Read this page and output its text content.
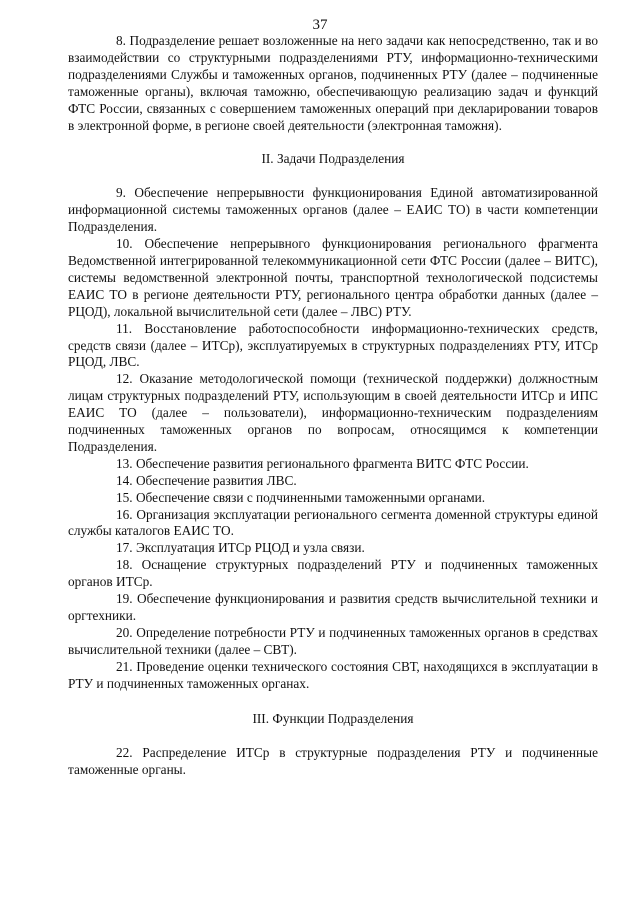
37

8. Подразделение решает возложенные на него задачи как непосредственно, так и во взаимодействии со структурными подразделениями РТУ, информационно-техническими подразделениями Службы и таможенных органов, подчиненных РТУ (далее – подчиненные таможенные органы), включая таможню, обеспечивающую реализацию задач и функций ФТС России, связанных с совершением таможенных операций при декларировании товаров в электронной форме, в регионе своей деятельности (электронная таможня).

II. Задачи Подразделения

9. Обеспечение непрерывности функционирования Единой автоматизированной информационной системы таможенных органов (далее – ЕАИС ТО) в части компетенции Подразделения.

10. Обеспечение непрерывного функционирования регионального фрагмента Ведомственной интегрированной телекоммуникационной сети ФТС России (далее – ВИТС), системы ведомственной электронной почты, транспортной технологической подсистемы ЕАИС ТО в регионе деятельности РТУ, регионального центра обработки данных (далее – РЦОД), локальной вычислительной сети (далее – ЛВС) РТУ.

11. Восстановление работоспособности информационно-технических средств, средств связи (далее – ИТСр), эксплуатируемых в структурных подразделениях РТУ, ИТСр РЦОД, ЛВС.

12. Оказание методологической помощи (технической поддержки) должностным лицам структурных подразделений РТУ, использующим в своей деятельности ИТСр и ИПС ЕАИС ТО (далее – пользователи), информационно-техническим подразделениям подчиненных таможенных органов по вопросам, относящимся к компетенции Подразделения.

13. Обеспечение развития регионального фрагмента ВИТС ФТС России.

14. Обеспечение развития ЛВС.

15. Обеспечение связи с подчиненными таможенными органами.

16. Организация эксплуатации регионального сегмента доменной структуры единой службы каталогов ЕАИС ТО.

17. Эксплуатация ИТСр РЦОД и узла связи.

18. Оснащение структурных подразделений РТУ и подчиненных таможенных органов ИТСр.

19. Обеспечение функционирования и развития средств вычислительной техники и оргтехники.

20. Определение потребности РТУ и подчиненных таможенных органов в средствах вычислительной техники (далее – СВТ).

21. Проведение оценки технического состояния СВТ, находящихся в эксплуатации в РТУ и подчиненных таможенных органах.

III. Функции Подразделения

22. Распределение ИТСр в структурные подразделения РТУ и подчиненные таможенные органы.
